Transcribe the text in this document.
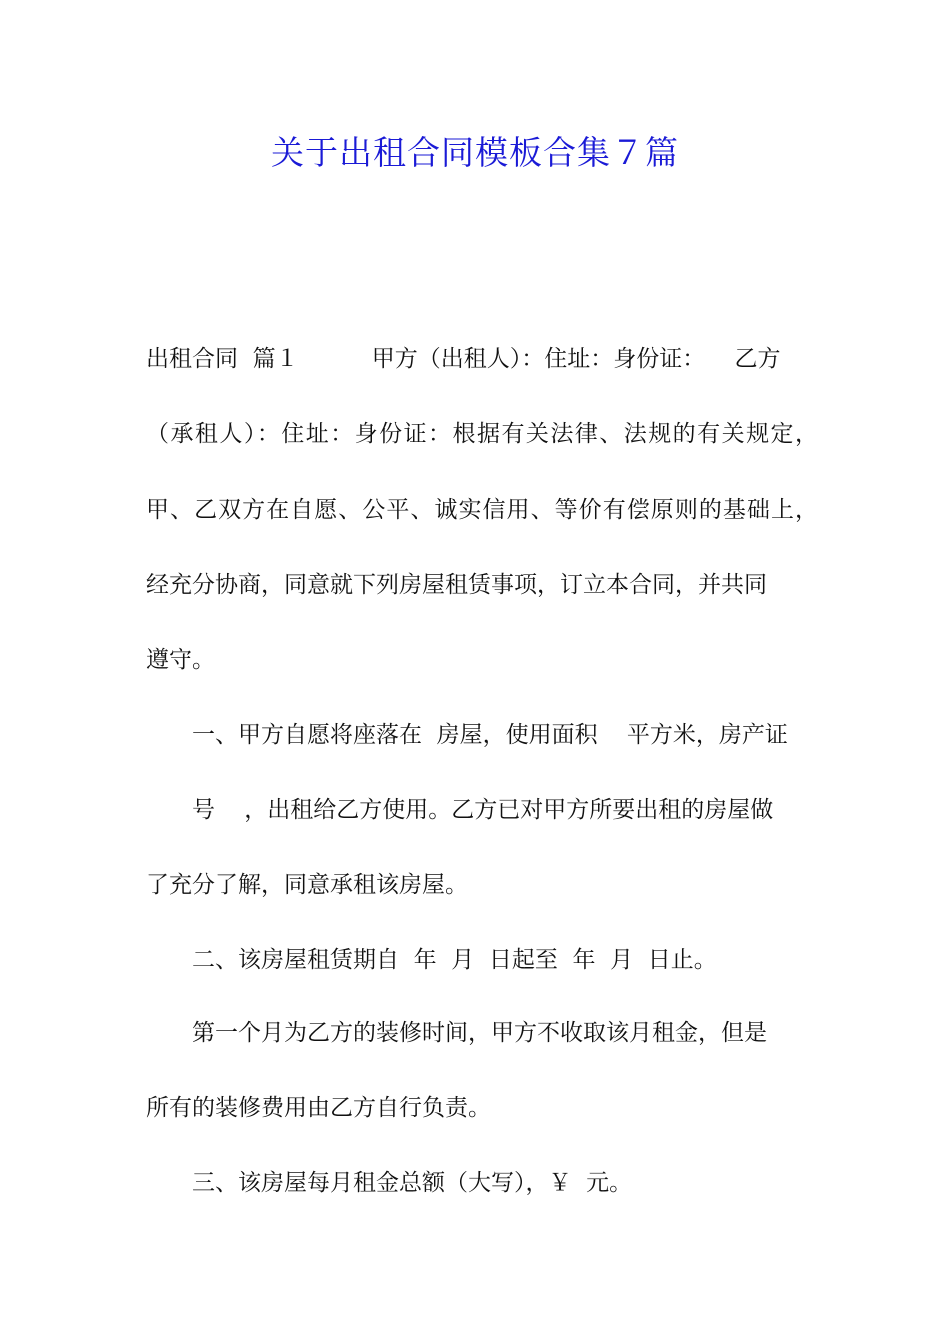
关于出租合同模板合集７篇
出租合同  篇１          甲方（出租人）：住址：身份证：    乙方
（承租人）：住址：身份证：根据有关法律、法规的有关规定，
甲、乙双方在自愿、公平、诚实信用、等价有偿原则的基础上，
经充分协商，同意就下列房屋租赁事项，订立本合同，并共同
遵守。
一、甲方自愿将座落在  房屋，使用面积    平方米，房产证
号    ，出租给乙方使用。乙方已对甲方所要出租的房屋做
了充分了解，同意承租该房屋。
二、该房屋租赁期自  年  月  日起至  年  月  日止。
第一个月为乙方的装修时间，甲方不收取该月租金，但是
所有的装修费用由乙方自行负责。
三、该房屋每月租金总额（大写），￥  元。
